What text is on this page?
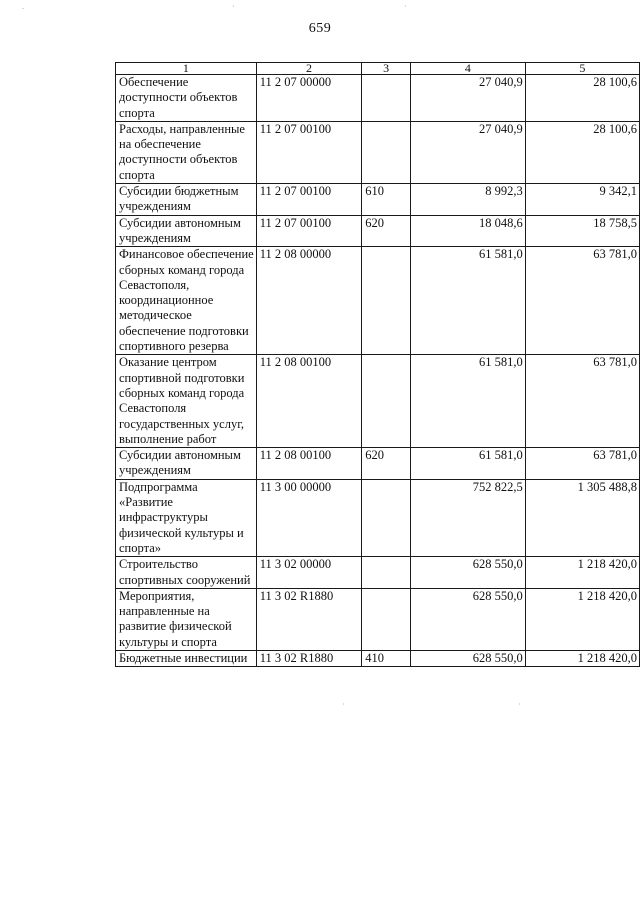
659
.	·	·
·	·
1	2	3	4	5
Обеспечение доступности объектов спорта	11 2 07 00000		27 040,9	28 100,6
Расходы, направленные на обеспечение доступности объектов спорта	11 2 07 00100		27 040,9	28 100,6
Субсидии бюджетным учреждениям	11 2 07 00100	610	8 992,3	9 342,1
Субсидии автономным учреждениям	11 2 07 00100	620	18 048,6	18 758,5
Финансовое обеспечение сборных команд города Севастополя, координационное методическое обеспечение подготовки спортивного резерва	11 2 08 00000		61 581,0	63 781,0
Оказание центром спортивной подготовки сборных команд города Севастополя государственных услуг, выполнение работ	11 2 08 00100		61 581,0	63 781,0
Субсидии автономным учреждениям	11 2 08 00100	620	61 581,0	63 781,0
Подпрограмма «Развитие инфраструктуры физической культуры и спорта»	11 3 00 00000		752 822,5	1 305 488,8
Строительство спортивных сооружений	11 3 02 00000		628 550,0	1 218 420,0
Мероприятия, направленные на развитие физической культуры и спорта	11 3 02 R1880		628 550,0	1 218 420,0
Бюджетные инвестиции	11 3 02 R1880	410	628 550,0	1 218 420,0
